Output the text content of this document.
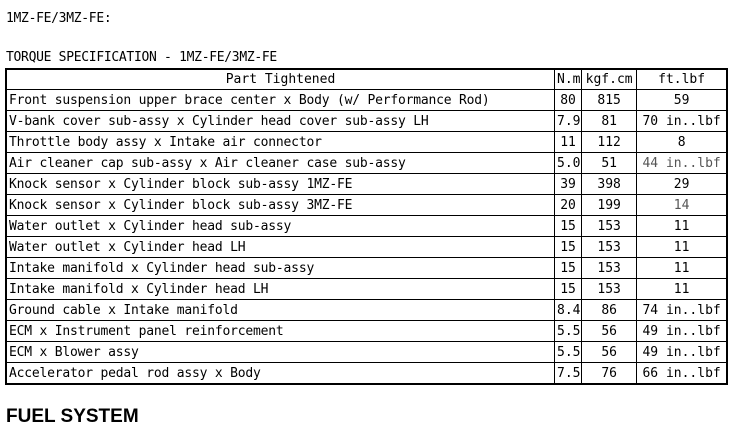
1MZ-FE/3MZ-FE:
TORQUE SPECIFICATION - 1MZ-FE/3MZ-FE
Part Tightened	N.m	kgf.cm	ft.lbf
Front suspension upper brace center x Body (w/ Performance Rod)	80	815	59
V-bank cover sub-assy x Cylinder head cover sub-assy LH	7.9	81	70 in..lbf
Throttle body assy x Intake air connector	11	112	8
Air cleaner cap sub-assy x Air cleaner case sub-assy	5.0	51	44 in..lbf
Knock sensor x Cylinder block sub-assy 1MZ-FE	39	398	29
Knock sensor x Cylinder block sub-assy 3MZ-FE	20	199	14
Water outlet x Cylinder head sub-assy	15	153	11
Water outlet x Cylinder head LH	15	153	11
Intake manifold x Cylinder head sub-assy	15	153	11
Intake manifold x Cylinder head LH	15	153	11
Ground cable x Intake manifold	8.4	86	74 in..lbf
ECM x Instrument panel reinforcement	5.5	56	49 in..lbf
ECM x Blower assy	5.5	56	49 in..lbf
Accelerator pedal rod assy x Body	7.5	76	66 in..lbf
FUEL SYSTEM
